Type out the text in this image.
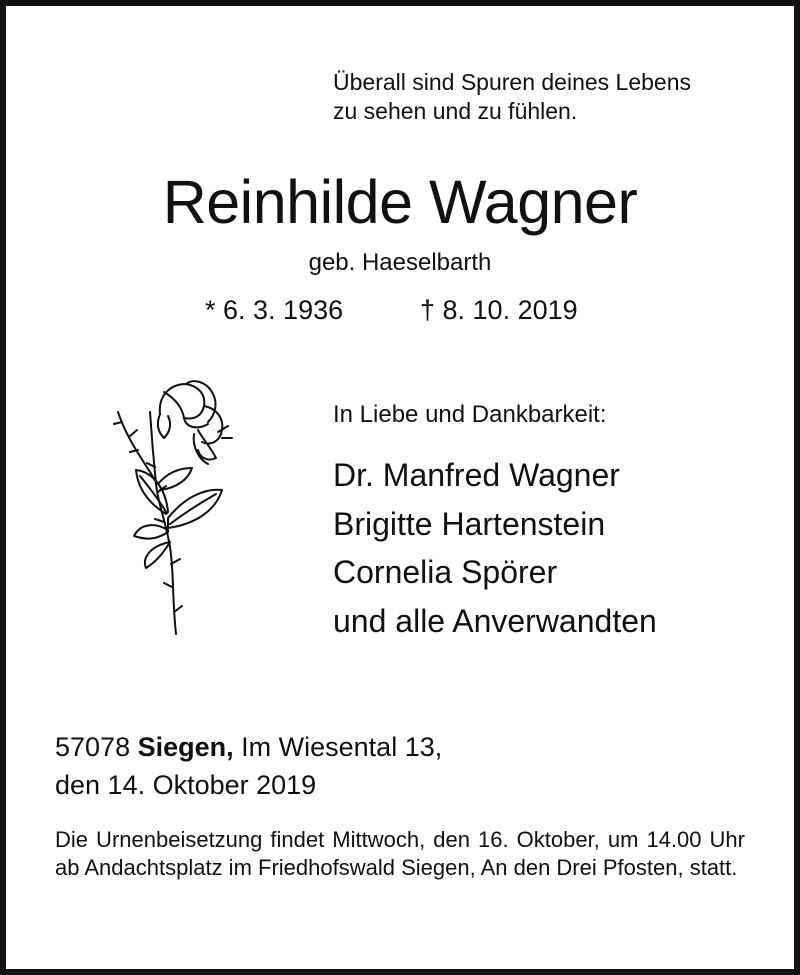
Überall sind Spuren deines Lebens
zu sehen und zu fühlen.
Reinhilde Wagner
geb. Haeselbarth
* 6. 3. 1936	† 8. 10. 2019
In Liebe und Dankbarkeit:
Dr. Manfred Wagner
Brigitte Hartenstein
Cornelia Spörer
und alle Anverwandten
57078 Siegen, Im Wiesental 13,
den 14. Oktober 2019
Die Urnenbeisetzung findet Mittwoch, den 16. Oktober, um 14.00 Uhr ab Andachtsplatz im Friedhofswald Siegen, An den Drei Pfosten, statt.
